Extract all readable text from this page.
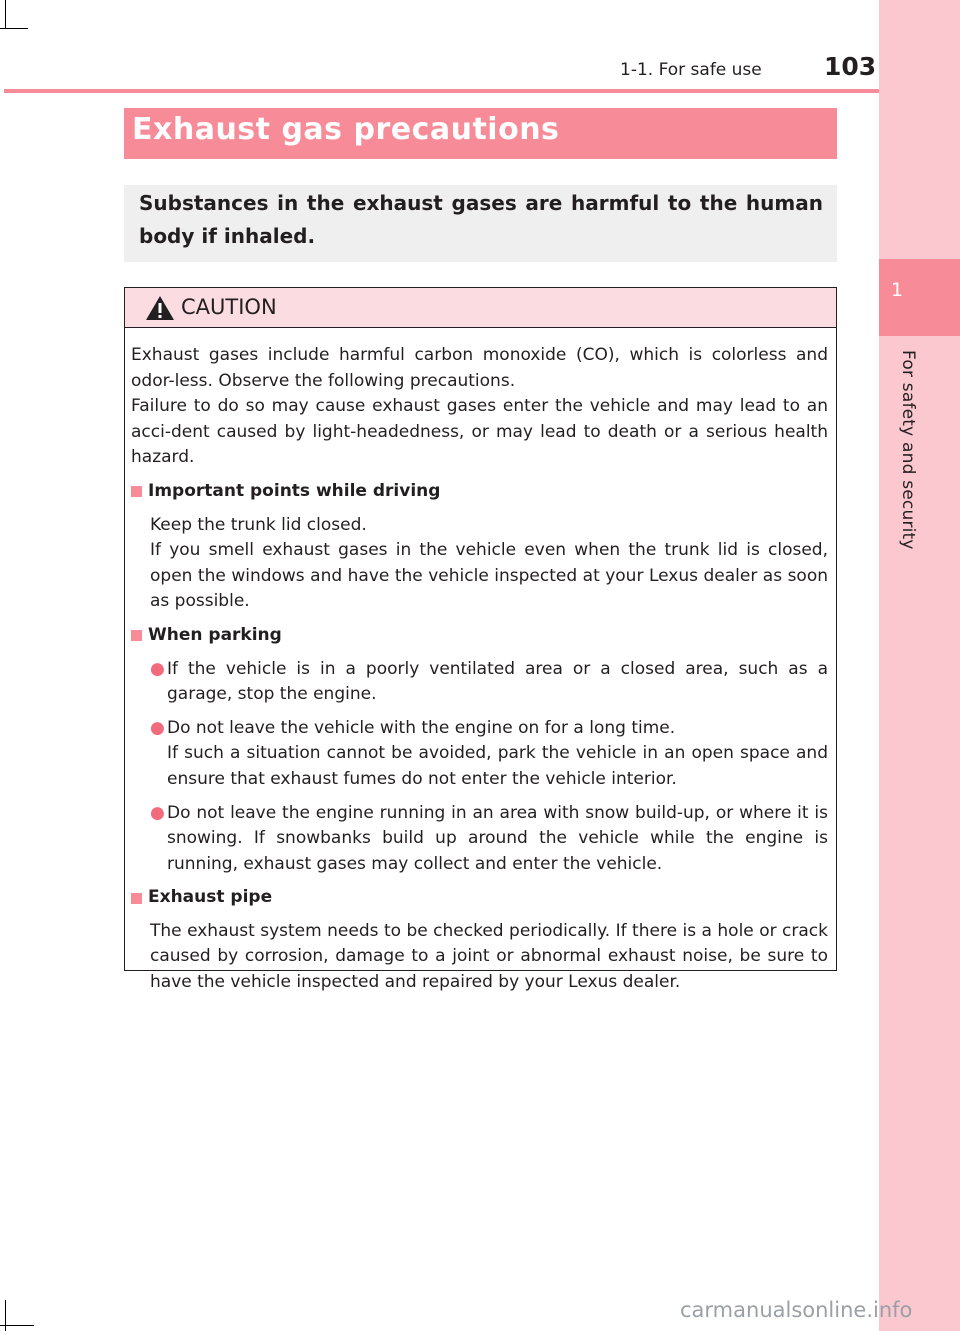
1
For safety and security
1-1. For safe use 103
Exhaust gas precautions

Substances in the exhaust gases are harmful to the human body if inhaled.

CAUTION

Exhaust gases include harmful carbon monoxide (CO), which is colorless and odor-less. Observe the following precautions.

Failure to do so may cause exhaust gases enter the vehicle and may lead to an acci-dent caused by light-headedness, or may lead to death or a serious health hazard.

Important points while driving

Keep the trunk lid closed.
If you smell exhaust gases in the vehicle even when the trunk lid is closed, open the windows and have the vehicle inspected at your Lexus dealer as soon as possible.

When parking

● If the vehicle is in a poorly ventilated area or a closed area, such as a garage, stop the engine.
● Do not leave the vehicle with the engine on for a long time.
If such a situation cannot be avoided, park the vehicle in an open space and ensure that exhaust fumes do not enter the vehicle interior.
● Do not leave the engine running in an area with snow build-up, or where it is snowing. If snowbanks build up around the vehicle while the engine is running, exhaust gases may collect and enter the vehicle.

Exhaust pipe

The exhaust system needs to be checked periodically. If there is a hole or crack caused by corrosion, damage to a joint or abnormal exhaust noise, be sure to have the vehicle inspected and repaired by your Lexus dealer.

carmanualsonline.info
